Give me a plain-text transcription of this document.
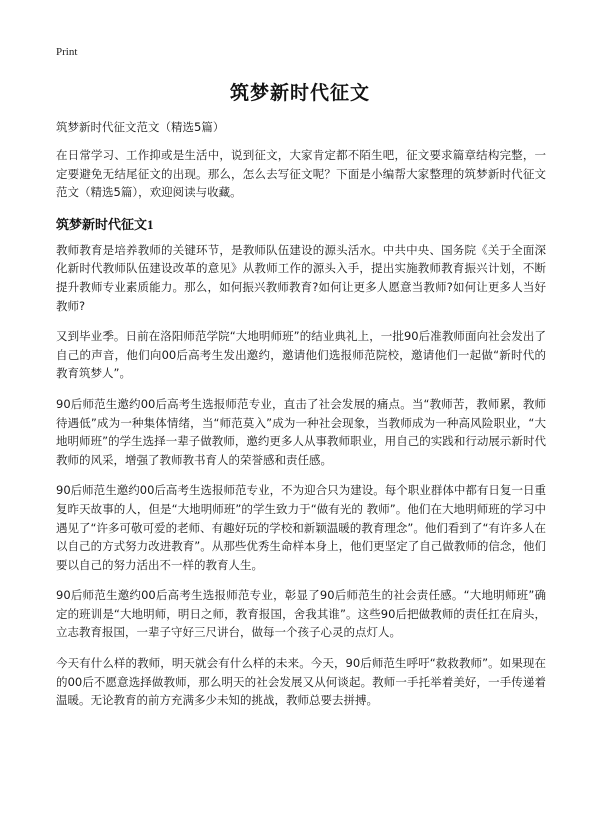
Print
筑梦新时代征文
筑梦新时代征文范文（精选5篇）

在日常学习、工作抑或是生活中，说到征文，大家肯定都不陌生吧，征文要求篇章结构完整，一定要避免无结尾征文的出现。那么，怎么去写征文呢？下面是小编帮大家整理的筑梦新时代征文范文（精选5篇），欢迎阅读与收藏。

筑梦新时代征文1

教师教育是培养教师的关键环节，是教师队伍建设的源头活水。中共中央、国务院《关于全面深化新时代教师队伍建设改革的意见》从教师工作的源头入手，提出实施教师教育振兴计划，不断提升教师专业素质能力。那么，如何振兴教师教育?如何让更多人愿意当教师?如何让更多人当好教师?

又到毕业季。日前在洛阳师范学院“大地明师班”的结业典礼上，一批90后准教师面向社会发出了自己的声音，他们向00后高考生发出邀约，邀请他们选报师范院校，邀请他们一起做“新时代的教育筑梦人”。

90后师范生邀约00后高考生选报师范专业，直击了社会发展的痛点。当“教师苦，教师累，教师待遇低”成为一种集体情绪，当“师范莫入”成为一种社会现象，当教师成为一种高风险职业，“大地明师班”的学生选择一辈子做教师，邀约更多人从事教师职业，用自己的实践和行动展示新时代教师的风采，增强了教师教书育人的荣誉感和责任感。

90后师范生邀约00后高考生选报师范专业，不为迎合只为建设。每个职业群体中都有日复一日重复昨天故事的人，但是“大地明师班”的学生致力于“做有光的 教师”。他们在大地明师班的学习中遇见了“许多可敬可爱的老师、有趣好玩的学校和新颖温暖的教育理念”。他们看到了“有许多人在以自己的方式努力改进教育”。从那些优秀生命样本身上，他们更坚定了自己做教师的信念，他们要以自己的努力活出不一样的教育人生。

90后师范生邀约00后高考生选报师范专业，彰显了90后师范生的社会责任感。“大地明师班”确定的班训是“大地明师，明日之师，教育报国，舍我其谁”。这些90后把做教师的责任扛在肩头，立志教育报国，一辈子守好三尺讲台，做每一个孩子心灵的点灯人。

今天有什么样的教师，明天就会有什么样的未来。今天，90后师范生呼吁“救救教师”。如果现在的00后不愿意选择做教师，那么明天的社会发展又从何谈起。教师一手托举着美好，一手传递着温暖。无论教育的前方充满多少未知的挑战，教师总要去拼搏。
